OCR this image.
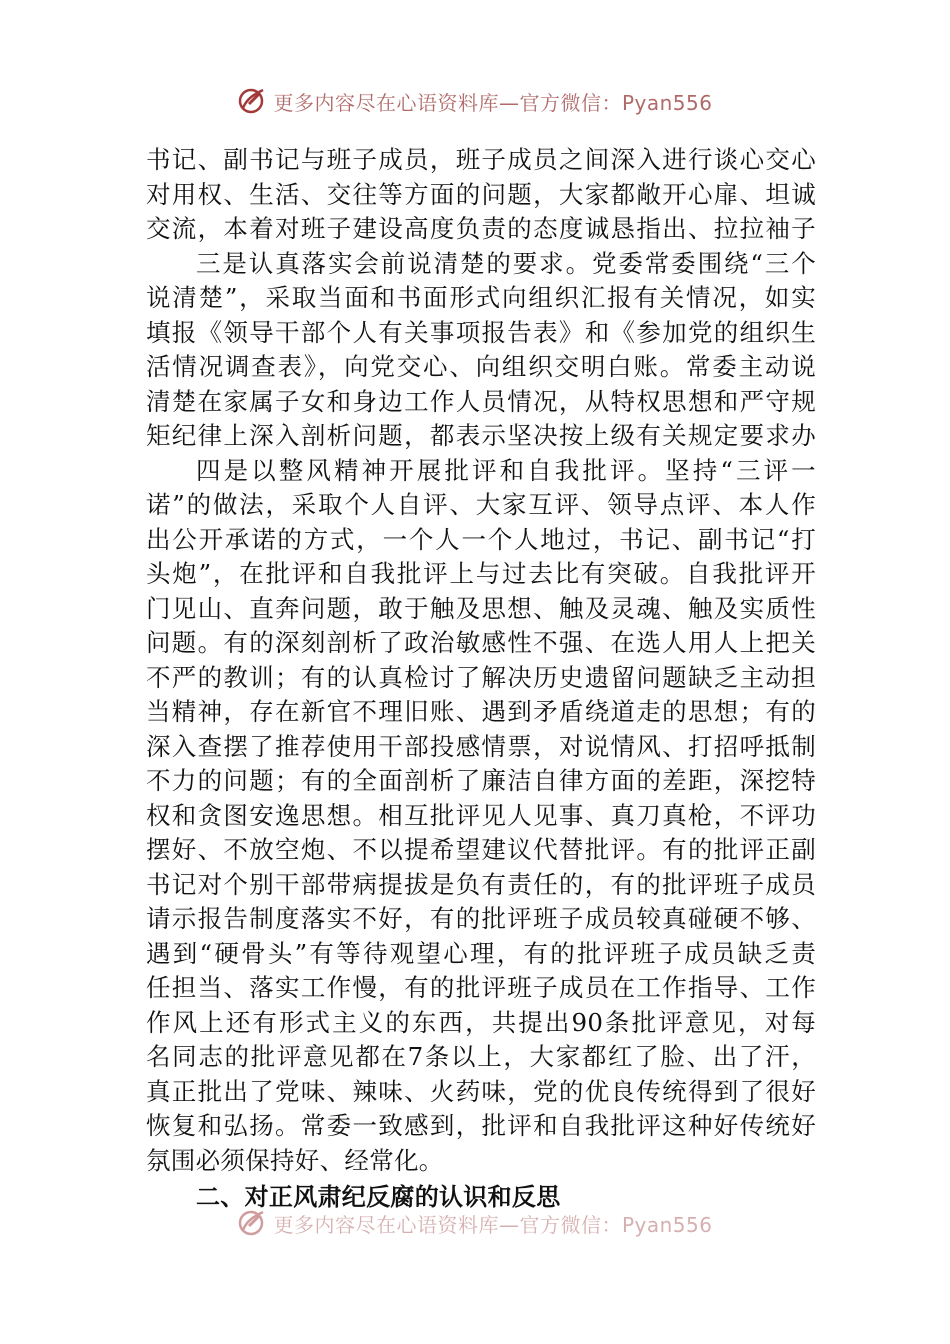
更多内容尽在心语资料库—官方微信：Pyan556
书记、副书记与班子成员，班子成员之间深入进行谈心交心
对用权、生活、交往等方面的问题，大家都敞开心扉、坦诚
交流，本着对班子建设高度负责的态度诚恳指出、拉拉袖子
三是认真落实会前说清楚的要求。党委常委围绕“三个
说清楚”，采取当面和书面形式向组织汇报有关情况，如实
填报《领导干部个人有关事项报告表》和《参加党的组织生
活情况调查表》，向党交心、向组织交明白账。常委主动说
清楚在家属子女和身边工作人员情况，从特权思想和严守规
矩纪律上深入剖析问题，都表示坚决按上级有关规定要求办
四是以整风精神开展批评和自我批评。坚持“三评一
诺”的做法，采取个人自评、大家互评、领导点评、本人作
出公开承诺的方式，一个人一个人地过，书记、副书记“打
头炮”，在批评和自我批评上与过去比有突破。自我批评开
门见山、直奔问题，敢于触及思想、触及灵魂、触及实质性
问题。有的深刻剖析了政治敏感性不强、在选人用人上把关
不严的教训；有的认真检讨了解决历史遗留问题缺乏主动担
当精神，存在新官不理旧账、遇到矛盾绕道走的思想；有的
深入查摆了推荐使用干部投感情票，对说情风、打招呼抵制
不力的问题；有的全面剖析了廉洁自律方面的差距，深挖特
权和贪图安逸思想。相互批评见人见事、真刀真枪，不评功
摆好、不放空炮、不以提希望建议代替批评。有的批评正副
书记对个别干部带病提拔是负有责任的，有的批评班子成员
请示报告制度落实不好，有的批评班子成员较真碰硬不够、
遇到“硬骨头”有等待观望心理，有的批评班子成员缺乏责
任担当、落实工作慢，有的批评班子成员在工作指导、工作
作风上还有形式主义的东西，共提出90条批评意见，对每
名同志的批评意见都在7条以上，大家都红了脸、出了汗，
真正批出了党味、辣味、火药味，党的优良传统得到了很好
恢复和弘扬。常委一致感到，批评和自我批评这种好传统好
氛围必须保持好、经常化。
二、对正风肃纪反腐的认识和反思
更多内容尽在心语资料库—官方微信：Pyan556
